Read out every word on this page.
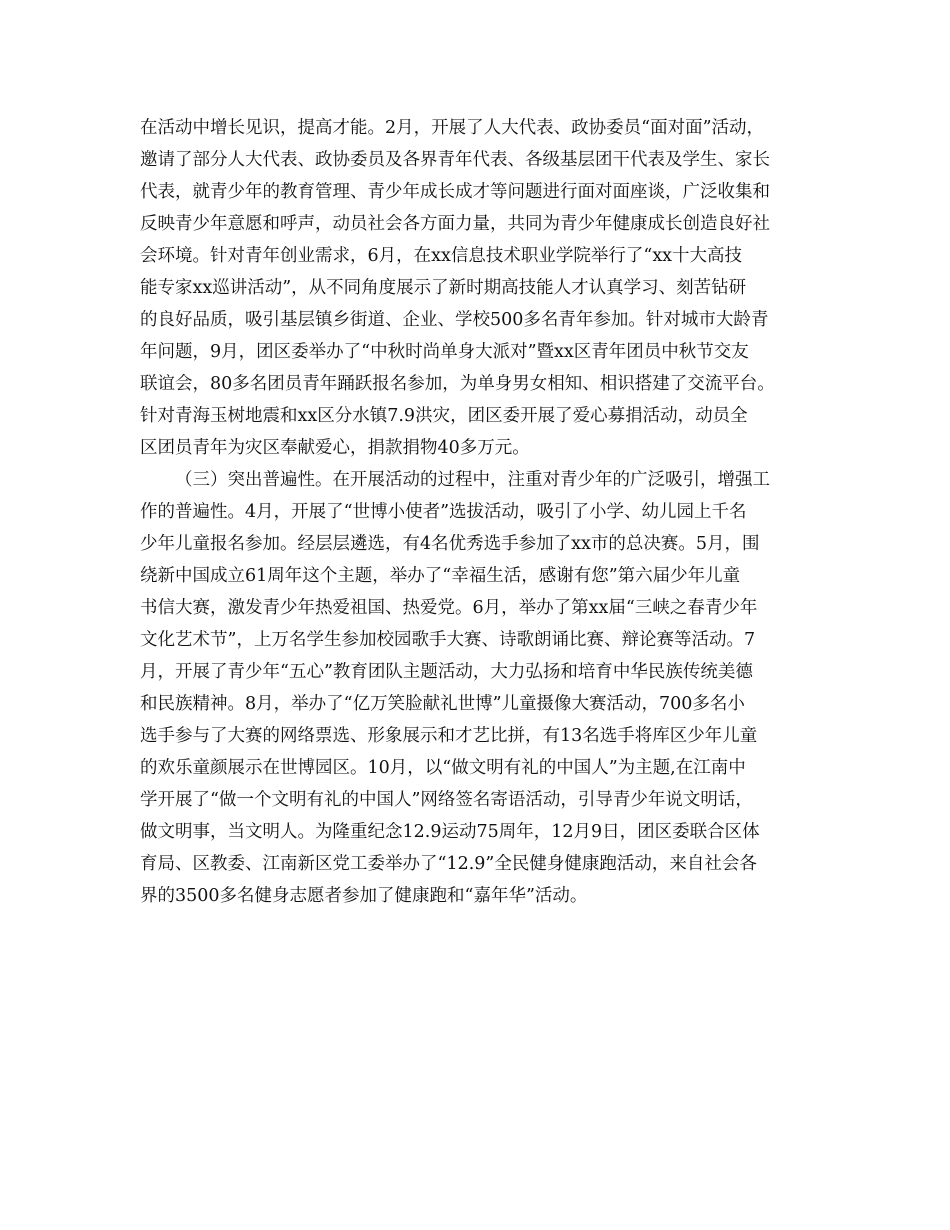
在活动中增长见识，提高才能。2月，开展了人大代表、政协委员“面对面”活动，
邀请了部分人大代表、政协委员及各界青年代表、各级基层团干代表及学生、家长
代表，就青少年的教育管理、青少年成长成才等问题进行面对面座谈，广泛收集和
反映青少年意愿和呼声，动员社会各方面力量，共同为青少年健康成长创造良好社
会环境。针对青年创业需求，6月，在xx信息技术职业学院举行了“xx十大高技
能专家xx巡讲活动”，从不同角度展示了新时期高技能人才认真学习、刻苦钻研
的良好品质，吸引基层镇乡街道、企业、学校500多名青年参加。针对城市大龄青
年问题，9月，团区委举办了“中秋时尚单身大派对”暨xx区青年团员中秋节交友
联谊会，80多名团员青年踊跃报名参加，为单身男女相知、相识搭建了交流平台。
针对青海玉树地震和xx区分水镇7.9洪灾，团区委开展了爱心募捐活动，动员全
区团员青年为灾区奉献爱心，捐款捐物40多万元。
（三）突出普遍性。在开展活动的过程中，注重对青少年的广泛吸引，增强工
作的普遍性。4月，开展了“世博小使者”选拔活动，吸引了小学、幼儿园上千名
少年儿童报名参加。经层层遴选，有4名优秀选手参加了xx市的总决赛。5月，围
绕新中国成立61周年这个主题，举办了“幸福生活，感谢有您”第六届少年儿童
书信大赛，激发青少年热爱祖国、热爱党。6月，举办了第xx届“三峡之春青少年
文化艺术节”，上万名学生参加校园歌手大赛、诗歌朗诵比赛、辩论赛等活动。7
月，开展了青少年“五心”教育团队主题活动，大力弘扬和培育中华民族传统美德
和民族精神。8月，举办了“亿万笑脸献礼世博”儿童摄像大赛活动，700多名小
选手参与了大赛的网络票选、形象展示和才艺比拼，有13名选手将库区少年儿童
的欢乐童颜展示在世博园区。10月，以“做文明有礼的中国人”为主题,在江南中
学开展了“做一个文明有礼的中国人”网络签名寄语活动，引导青少年说文明话，
做文明事，当文明人。为隆重纪念12.9运动75周年，12月9日，团区委联合区体
育局、区教委、江南新区党工委举办了“12.9”全民健身健康跑活动，来自社会各
界的3500多名健身志愿者参加了健康跑和“嘉年华”活动。
